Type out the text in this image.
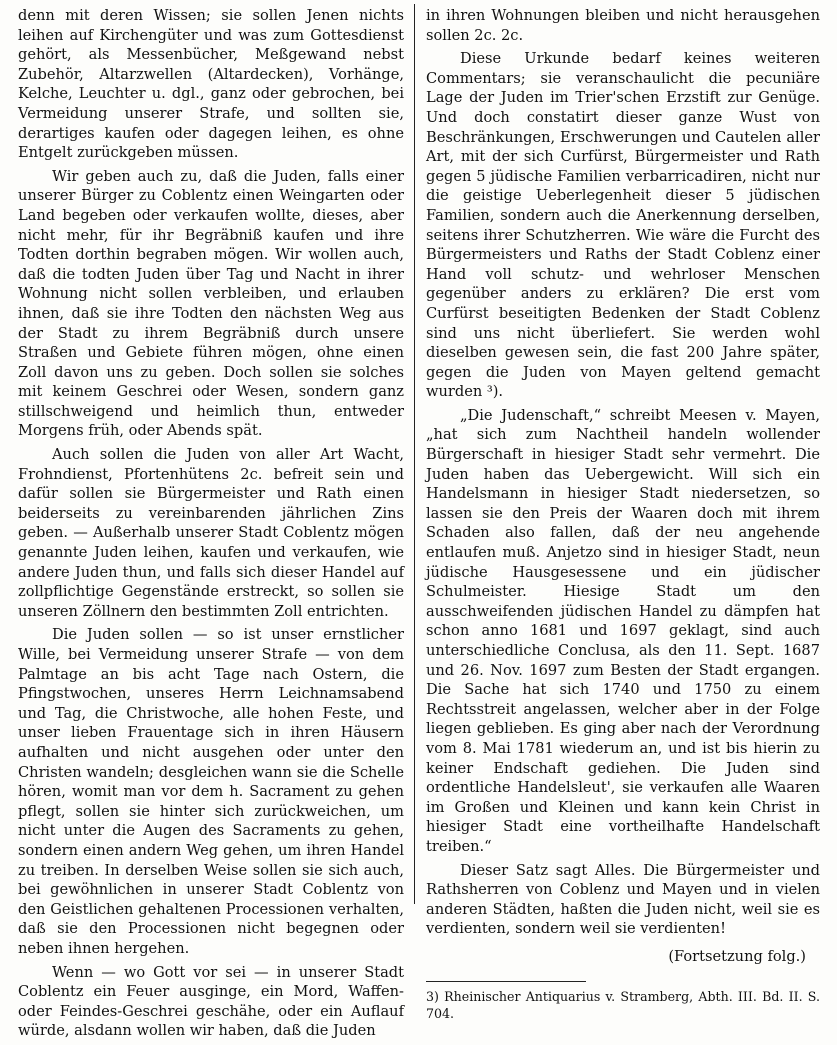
denn mit deren Wissen; sie sollen Jenen nichts leihen auf Kirchengüter und was zum Gottesdienst gehört, als Messenbücher, Meßgewand nebst Zubehör, Altarzwellen (Altardecken), Vorhänge, Kelche, Leuchter u. dgl., ganz oder gebrochen, bei Vermeidung unserer Strafe, und sollten sie, derartiges kaufen oder dagegen leihen, es ohne Entgelt zurückgeben müssen.

Wir geben auch zu, daß die Juden, falls einer unserer Bürger zu Coblentz einen Weingarten oder Land begeben oder verkaufen wollte, dieses, aber nicht mehr, für ihr Begräbniß kaufen und ihre Todten dorthin begraben mögen. Wir wollen auch, daß die todten Juden über Tag und Nacht in ihrer Wohnung nicht sollen verbleiben, und erlauben ihnen, daß sie ihre Todten den nächsten Weg aus der Stadt zu ihrem Begräbniß durch unsere Straßen und Gebiete führen mögen, ohne einen Zoll davon uns zu geben. Doch sollen sie solches mit keinem Geschrei oder Wesen, sondern ganz stillschweigend und heimlich thun, entweder Morgens früh, oder Abends spät.

Auch sollen die Juden von aller Art Wacht, Frohndienst, Pfortenhütens 2c. befreit sein und dafür sollen sie Bürgermeister und Rath einen beiderseits zu vereinbarenden jährlichen Zins geben. — Außerhalb unserer Stadt Coblentz mögen genannte Juden leihen, kaufen und verkaufen, wie andere Juden thun, und falls sich dieser Handel auf zollpflichtige Gegenstände erstreckt, so sollen sie unseren Zöllnern den bestimmten Zoll entrichten.

Die Juden sollen — so ist unser ernstlicher Wille, bei Vermeidung unserer Strafe — von dem Palmtage an bis acht Tage nach Ostern, die Pfingstwochen, unseres Herrn Leichnamsabend und Tag, die Christwoche, alle hohen Feste, und unser lieben Frauentage sich in ihren Häusern aufhalten und nicht ausgehen oder unter den Christen wandeln; desgleichen wann sie die Schelle hören, womit man vor dem h. Sacrament zu gehen pflegt, sollen sie hinter sich zurückweichen, um nicht unter die Augen des Sacraments zu gehen, sondern einen andern Weg gehen, um ihren Handel zu treiben. In derselben Weise sollen sie sich auch, bei gewöhnlichen in unserer Stadt Coblentz von den Geistlichen gehaltenen Processionen verhalten, daß sie den Processionen nicht begegnen oder neben ihnen hergehen.

Wenn — wo Gott vor sei — in unserer Stadt Coblentz ein Feuer ausginge, ein Mord, Waffen- oder Feindes-Geschrei geschähe, oder ein Auflauf würde, alsdann wollen wir haben, daß die Juden

in ihren Wohnungen bleiben und nicht herausgehen sollen 2c. 2c.

Diese Urkunde bedarf keines weiteren Commentars; sie veranschaulicht die pecuniäre Lage der Juden im Trier'schen Erzstift zur Genüge. Und doch constatirt dieser ganze Wust von Beschränkungen, Erschwerungen und Cautelen aller Art, mit der sich Curfürst, Bürgermeister und Rath gegen 5 jüdische Familien verbarricadiren, nicht nur die geistige Ueberlegenheit dieser 5 jüdischen Familien, sondern auch die Anerkennung derselben, seitens ihrer Schutzherren. Wie wäre die Furcht des Bürgermeisters und Raths der Stadt Coblenz einer Hand voll schutz- und wehrloser Menschen gegenüber anders zu erklären? Die erst vom Curfürst beseitigten Bedenken der Stadt Coblenz sind uns nicht überliefert. Sie werden wohl dieselben gewesen sein, die fast 200 Jahre später, gegen die Juden von Mayen geltend gemacht wurden ³).

„Die Judenschaft,“ schreibt Meesen v. Mayen, „hat sich zum Nachtheil handeln wollender Bürgerschaft in hiesiger Stadt sehr vermehrt. Die Juden haben das Uebergewicht. Will sich ein Handelsmann in hiesiger Stadt niedersetzen, so lassen sie den Preis der Waaren doch mit ihrem Schaden also fallen, daß der neu angehende entlaufen muß. Anjetzo sind in hiesiger Stadt, neun jüdische Hausgesessene und ein jüdischer Schulmeister. Hiesige Stadt um den ausschweifenden jüdischen Handel zu dämpfen hat schon anno 1681 und 1697 geklagt, sind auch unterschiedliche Conclusa, als den 11. Sept. 1687 und 26. Nov. 1697 zum Besten der Stadt ergangen. Die Sache hat sich 1740 und 1750 zu einem Rechtsstreit angelassen, welcher aber in der Folge liegen geblieben. Es ging aber nach der Verordnung vom 8. Mai 1781 wiederum an, und ist bis hierin zu keiner Endschaft gediehen. Die Juden sind ordentliche Handelsleut', sie verkaufen alle Waaren im Großen und Kleinen und kann kein Christ in hiesiger Stadt eine vortheilhafte Handelschaft treiben.“

Dieser Satz sagt Alles. Die Bürgermeister und Rathsherren von Coblenz und Mayen und in vielen anderen Städten, haßten die Juden nicht, weil sie es verdienten, sondern weil sie verdienten!

(Fortsetzung folg.)
3) Rheinischer Antiquarius v. Stramberg, Abth. III. Bd. II. S. 704.
